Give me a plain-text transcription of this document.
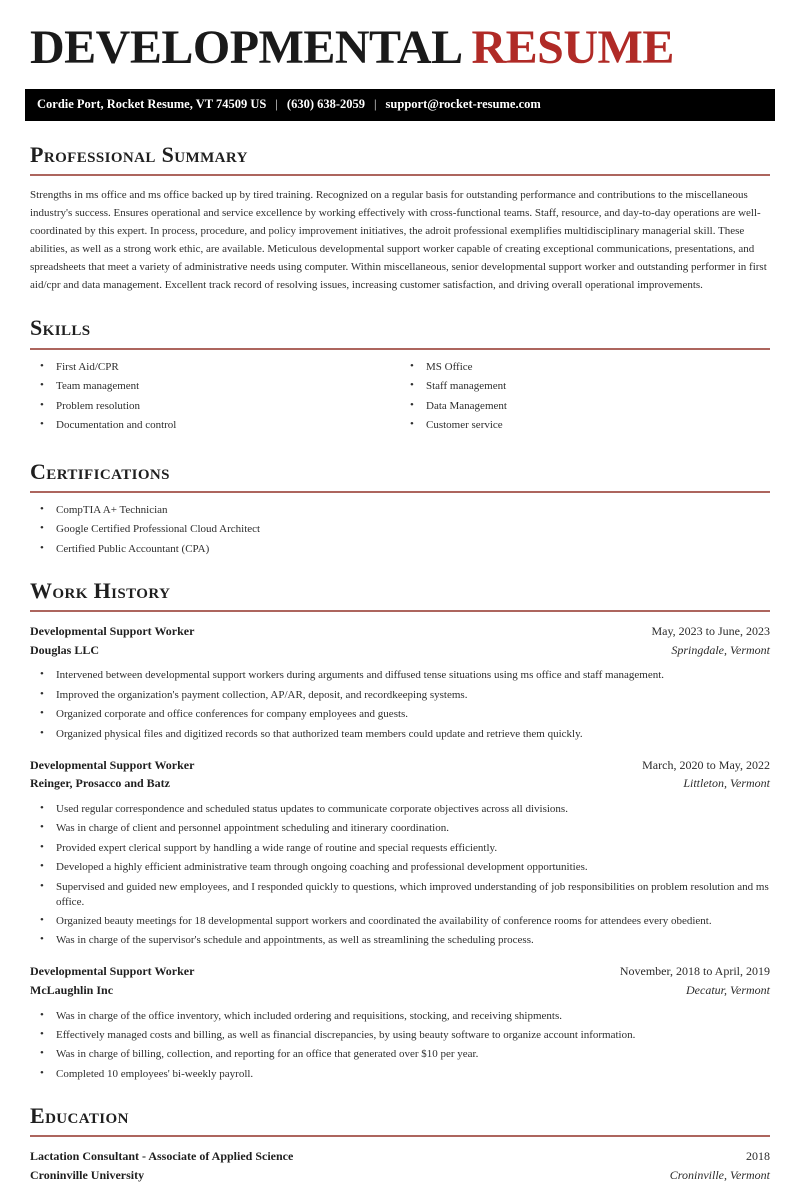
DEVELOPMENTAL RESUME
Cordie Port, Rocket Resume, VT 74509 US | (630) 638-2059 | support@rocket-resume.com
Professional Summary

Strengths in ms office and ms office backed up by tired training. Recognized on a regular basis for outstanding performance and contributions to the miscellaneous industry's success. Ensures operational and service excellence by working effectively with cross-functional teams. Staff, resource, and day-to-day operations are well-coordinated by this expert. In process, procedure, and policy improvement initiatives, the adroit professional exemplifies multidisciplinary managerial skill. These abilities, as well as a strong work ethic, are available. Meticulous developmental support worker capable of creating exceptional communications, presentations, and spreadsheets that meet a variety of administrative needs using computer. Within miscellaneous, senior developmental support worker and outstanding performer in first aid/cpr and data management. Excellent track record of resolving issues, increasing customer satisfaction, and driving overall operational improvements.

Skills
• First Aid/CPR
• Team management
• Problem resolution
• Documentation and control
• MS Office
• Staff management
• Data Management
• Customer service
Certifications
• CompTIA A+ Technician
• Google Certified Professional Cloud Architect
• Certified Public Accountant (CPA)
Work History
Developmental Support Worker	May, 2023 to June, 2023
Douglas LLC	Springdale, Vermont
• Intervened between developmental support workers during arguments and diffused tense situations using ms office and staff management.
• Improved the organization's payment collection, AP/AR, deposit, and recordkeeping systems.
• Organized corporate and office conferences for company employees and guests.
• Organized physical files and digitized records so that authorized team members could update and retrieve them quickly.
Developmental Support Worker	March, 2020 to May, 2022
Reinger, Prosacco and Batz	Littleton, Vermont
• Used regular correspondence and scheduled status updates to communicate corporate objectives across all divisions.
• Was in charge of client and personnel appointment scheduling and itinerary coordination.
• Provided expert clerical support by handling a wide range of routine and special requests efficiently.
• Developed a highly efficient administrative team through ongoing coaching and professional development opportunities.
• Supervised and guided new employees, and I responded quickly to questions, which improved understanding of job responsibilities on problem resolution and ms office.
• Organized beauty meetings for 18 developmental support workers and coordinated the availability of conference rooms for attendees every obedient.
• Was in charge of the supervisor's schedule and appointments, as well as streamlining the scheduling process.
Developmental Support Worker	November, 2018 to April, 2019
McLaughlin Inc	Decatur, Vermont
• Was in charge of the office inventory, which included ordering and requisitions, stocking, and receiving shipments.
• Effectively managed costs and billing, as well as financial discrepancies, by using beauty software to organize account information.
• Was in charge of billing, collection, and reporting for an office that generated over $10 per year.
• Completed 10 employees' bi-weekly payroll.
Education
Lactation Consultant - Associate of Applied Science	2018
Croninville University	Croninville, Vermont
